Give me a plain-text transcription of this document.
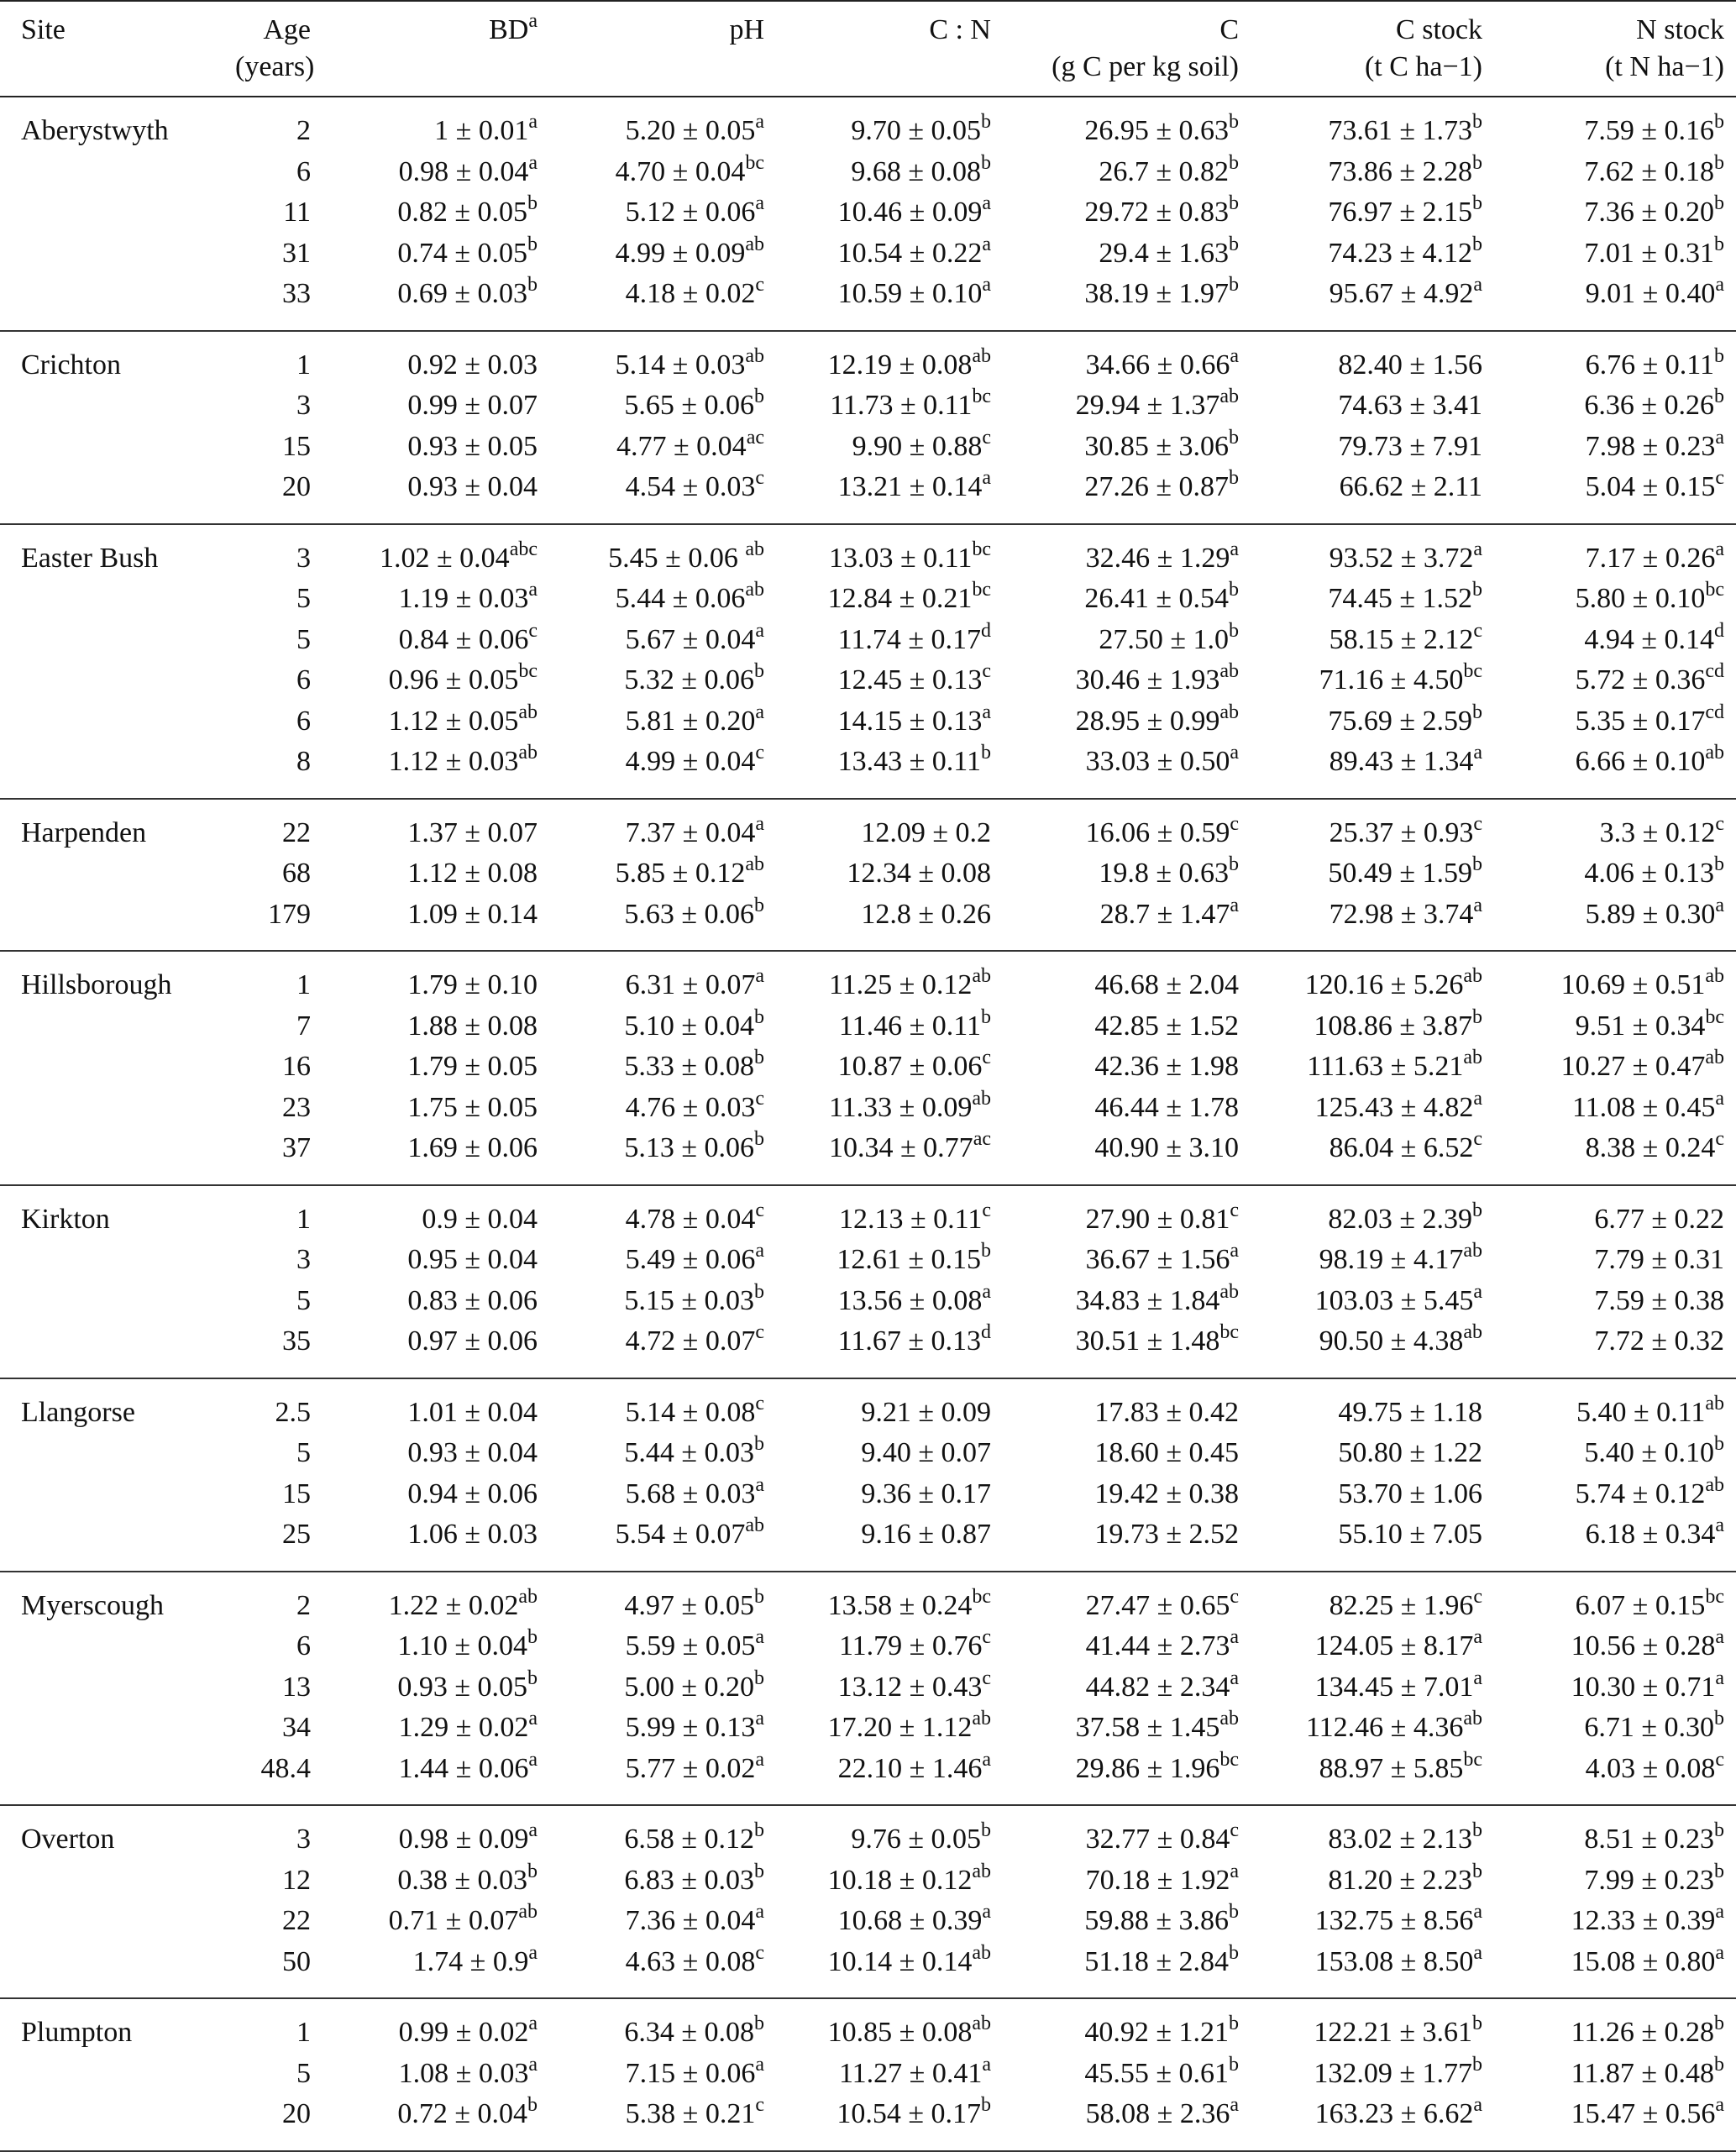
Site	Age	$BD^a$	pH	C : N	C	C stock	N stock
	(years)				(g C per kg soil)	(t C ha−1)	(t N ha−1)
Aberystwyth	2	1 ± 0.01$^a$	5.20 ± 0.05$^a$	9.70 ± 0.05$^b$	26.95 ± 0.63$^b$	73.61 ± 1.73$^b$	7.59 ± 0.16$^b$
	6	0.98 ± 0.04$^a$	4.70 ± 0.04$^{bc}$	9.68 ± 0.08$^b$	26.7 ± 0.82$^b$	73.86 ± 2.28$^b$	7.62 ± 0.18$^b$
	11	0.82 ± 0.05$^b$	5.12 ± 0.06$^a$	10.46 ± 0.09$^a$	29.72 ± 0.83$^b$	76.97 ± 2.15$^b$	7.36 ± 0.20$^b$
	31	0.74 ± 0.05$^b$	4.99 ± 0.09$^{ab}$	10.54 ± 0.22$^a$	29.4 ± 1.63$^b$	74.23 ± 4.12$^b$	7.01 ± 0.31$^b$
	33	0.69 ± 0.03$^b$	4.18 ± 0.02$^c$	10.59 ± 0.10$^a$	38.19 ± 1.97$^b$	95.67 ± 4.92$^a$	9.01 ± 0.40$^a$
Crichton	1	0.92 ± 0.03	5.14 ± 0.03$^{ab}$	12.19 ± 0.08$^{ab}$	34.66 ± 0.66$^a$	82.40 ± 1.56	6.76 ± 0.11$^b$
	3	0.99 ± 0.07	5.65 ± 0.06$^b$	11.73 ± 0.11$^{bc}$	29.94 ± 1.37$^{ab}$	74.63 ± 3.41	6.36 ± 0.26$^b$
	15	0.93 ± 0.05	4.77 ± 0.04$^{ac}$	9.90 ± 0.88$^c$	30.85 ± 3.06$^b$	79.73 ± 7.91	7.98 ± 0.23$^a$
	20	0.93 ± 0.04	4.54 ± 0.03$^c$	13.21 ± 0.14$^a$	27.26 ± 0.87$^b$	66.62 ± 2.11	5.04 ± 0.15$^c$
Easter Bush	3	1.02 ± 0.04$^{abc}$	5.45 ± 0.06 $^{ab}$	13.03 ± 0.11$^{bc}$	32.46 ± 1.29$^a$	93.52 ± 3.72$^a$	7.17 ± 0.26$^a$
	5	1.19 ± 0.03$^a$	5.44 ± 0.06$^{ab}$	12.84 ± 0.21$^{bc}$	26.41 ± 0.54$^b$	74.45 ± 1.52$^b$	5.80 ± 0.10$^{bc}$
	5	0.84 ± 0.06$^c$	5.67 ± 0.04$^a$	11.74 ± 0.17$^d$	27.50 ± 1.0$^b$	58.15 ± 2.12$^c$	4.94 ± 0.14$^d$
	6	0.96 ± 0.05$^{bc}$	5.32 ± 0.06$^b$	12.45 ± 0.13$^c$	30.46 ± 1.93$^{ab}$	71.16 ± 4.50$^{bc}$	5.72 ± 0.36$^{cd}$
	6	1.12 ± 0.05$^{ab}$	5.81 ± 0.20$^a$	14.15 ± 0.13$^a$	28.95 ± 0.99$^{ab}$	75.69 ± 2.59$^b$	5.35 ± 0.17$^{cd}$
	8	1.12 ± 0.03$^{ab}$	4.99 ± 0.04$^c$	13.43 ± 0.11$^b$	33.03 ± 0.50$^a$	89.43 ± 1.34$^a$	6.66 ± 0.10$^{ab}$
Harpenden	22	1.37 ± 0.07	7.37 ± 0.04$^a$	12.09 ± 0.2	16.06 ± 0.59$^c$	25.37 ± 0.93$^c$	3.3 ± 0.12$^c$
	68	1.12 ± 0.08	5.85 ± 0.12$^{ab}$	12.34 ± 0.08	19.8 ± 0.63$^b$	50.49 ± 1.59$^b$	4.06 ± 0.13$^b$
	179	1.09 ± 0.14	5.63 ± 0.06$^b$	12.8 ± 0.26	28.7 ± 1.47$^a$	72.98 ± 3.74$^a$	5.89 ± 0.30$^a$
Hillsborough	1	1.79 ± 0.10	6.31 ± 0.07$^a$	11.25 ± 0.12$^{ab}$	46.68 ± 2.04	120.16 ± 5.26$^{ab}$	10.69 ± 0.51$^{ab}$
	7	1.88 ± 0.08	5.10 ± 0.04$^b$	11.46 ± 0.11$^b$	42.85 ± 1.52	108.86 ± 3.87$^b$	9.51 ± 0.34$^{bc}$
	16	1.79 ± 0.05	5.33 ± 0.08$^b$	10.87 ± 0.06$^c$	42.36 ± 1.98	111.63 ± 5.21$^{ab}$	10.27 ± 0.47$^{ab}$
	23	1.75 ± 0.05	4.76 ± 0.03$^c$	11.33 ± 0.09$^{ab}$	46.44 ± 1.78	125.43 ± 4.82$^a$	11.08 ± 0.45$^a$
	37	1.69 ± 0.06	5.13 ± 0.06$^b$	10.34 ± 0.77$^{ac}$	40.90 ± 3.10	86.04 ± 6.52$^c$	8.38 ± 0.24$^c$
Kirkton	1	0.9 ± 0.04	4.78 ± 0.04$^c$	12.13 ± 0.11$^c$	27.90 ± 0.81$^c$	82.03 ± 2.39$^b$	6.77 ± 0.22
	3	0.95 ± 0.04	5.49 ± 0.06$^a$	12.61 ± 0.15$^b$	36.67 ± 1.56$^a$	98.19 ± 4.17$^{ab}$	7.79 ± 0.31
	5	0.83 ± 0.06	5.15 ± 0.03$^b$	13.56 ± 0.08$^a$	34.83 ± 1.84$^{ab}$	103.03 ± 5.45$^a$	7.59 ± 0.38
	35	0.97 ± 0.06	4.72 ± 0.07$^c$	11.67 ± 0.13$^d$	30.51 ± 1.48$^{bc}$	90.50 ± 4.38$^{ab}$	7.72 ± 0.32
Llangorse	2.5	1.01 ± 0.04	5.14 ± 0.08$^c$	9.21 ± 0.09	17.83 ± 0.42	49.75 ± 1.18	5.40 ± 0.11$^{ab}$
	5	0.93 ± 0.04	5.44 ± 0.03$^b$	9.40 ± 0.07	18.60 ± 0.45	50.80 ± 1.22	5.40 ± 0.10$^b$
	15	0.94 ± 0.06	5.68 ± 0.03$^a$	9.36 ± 0.17	19.42 ± 0.38	53.70 ± 1.06	5.74 ± 0.12$^{ab}$
	25	1.06 ± 0.03	5.54 ± 0.07$^{ab}$	9.16 ± 0.87	19.73 ± 2.52	55.10 ± 7.05	6.18 ± 0.34$^a$
Myerscough	2	1.22 ± 0.02$^{ab}$	4.97 ± 0.05$^b$	13.58 ± 0.24$^{bc}$	27.47 ± 0.65$^c$	82.25 ± 1.96$^c$	6.07 ± 0.15$^{bc}$
	6	1.10 ± 0.04$^b$	5.59 ± 0.05$^a$	11.79 ± 0.76$^c$	41.44 ± 2.73$^a$	124.05 ± 8.17$^a$	10.56 ± 0.28$^a$
	13	0.93 ± 0.05$^b$	5.00 ± 0.20$^b$	13.12 ± 0.43$^c$	44.82 ± 2.34$^a$	134.45 ± 7.01$^a$	10.30 ± 0.71$^a$
	34	1.29 ± 0.02$^a$	5.99 ± 0.13$^a$	17.20 ± 1.12$^{ab}$	37.58 ± 1.45$^{ab}$	112.46 ± 4.36$^{ab}$	6.71 ± 0.30$^b$
	48.4	1.44 ± 0.06$^a$	5.77 ± 0.02$^a$	22.10 ± 1.46$^a$	29.86 ± 1.96$^{bc}$	88.97 ± 5.85$^{bc}$	4.03 ± 0.08$^c$
Overton	3	0.98 ± 0.09$^a$	6.58 ± 0.12$^b$	9.76 ± 0.05$^b$	32.77 ± 0.84$^c$	83.02 ± 2.13$^b$	8.51 ± 0.23$^b$
	12	0.38 ± 0.03$^b$	6.83 ± 0.03$^b$	10.18 ± 0.12$^{ab}$	70.18 ± 1.92$^a$	81.20 ± 2.23$^b$	7.99 ± 0.23$^b$
	22	0.71 ± 0.07$^{ab}$	7.36 ± 0.04$^a$	10.68 ± 0.39$^a$	59.88 ± 3.86$^b$	132.75 ± 8.56$^a$	12.33 ± 0.39$^a$
	50	1.74 ± 0.9$^a$	4.63 ± 0.08$^c$	10.14 ± 0.14$^{ab}$	51.18 ± 2.84$^b$	153.08 ± 8.50$^a$	15.08 ± 0.80$^a$
Plumpton	1	0.99 ± 0.02$^a$	6.34 ± 0.08$^b$	10.85 ± 0.08$^{ab}$	40.92 ± 1.21$^b$	122.21 ± 3.61$^b$	11.26 ± 0.28$^b$
	5	1.08 ± 0.03$^a$	7.15 ± 0.06$^a$	11.27 ± 0.41$^a$	45.55 ± 0.61$^b$	132.09 ± 1.77$^b$	11.87 ± 0.48$^b$
	20	0.72 ± 0.04$^b$	5.38 ± 0.21$^c$	10.54 ± 0.17$^b$	58.08 ± 2.36$^a$	163.23 ± 6.62$^a$	15.47 ± 0.56$^a$
